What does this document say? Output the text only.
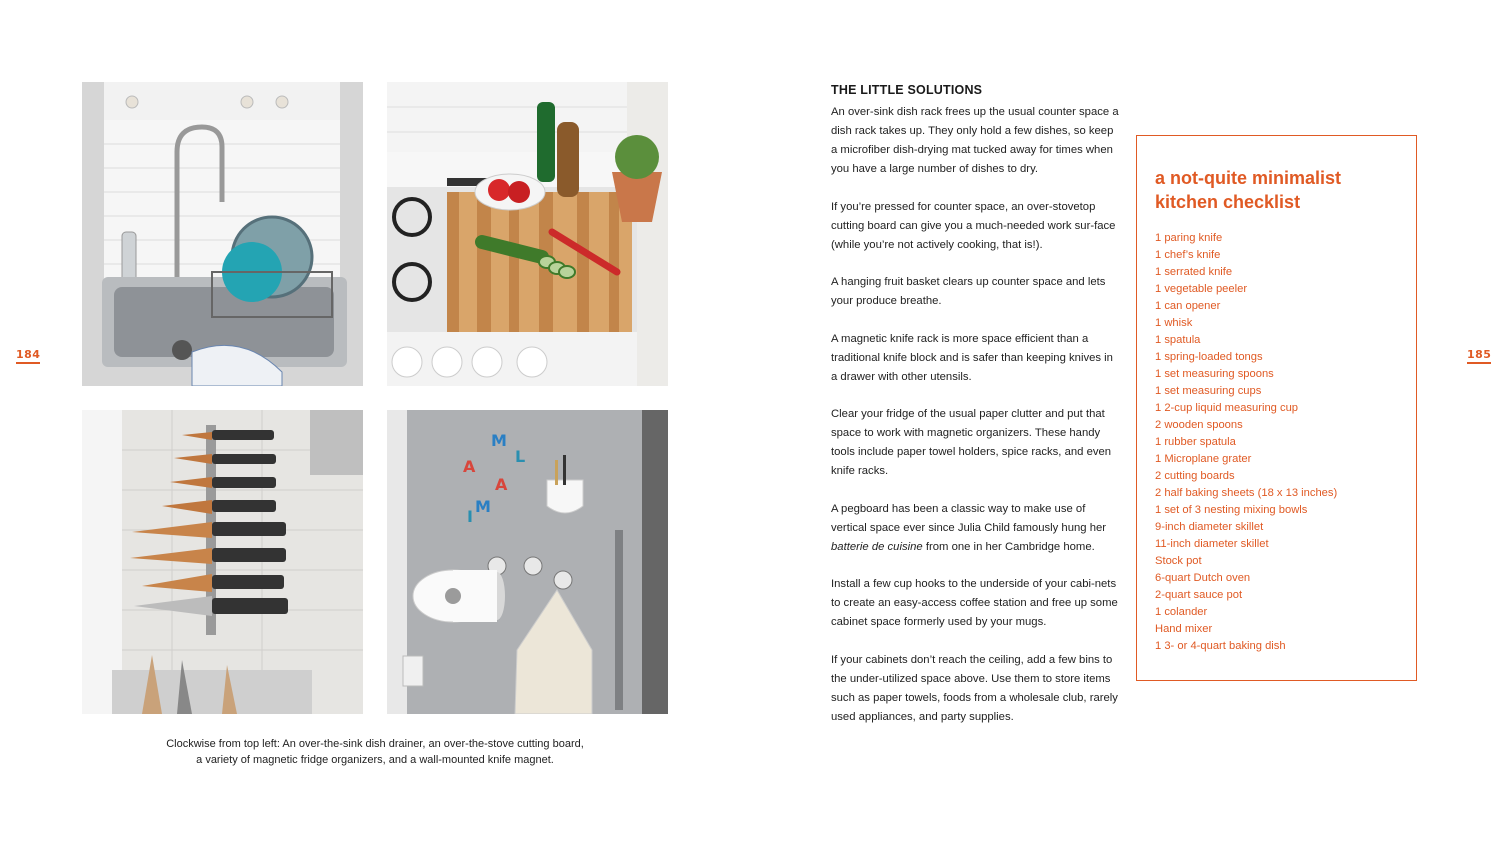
184	185
M
L
A
A
M
I
Clockwise from top left: An over-the-sink dish drainer, an over-the-stove cutting board,
a variety of magnetic fridge organizers, and a wall-mounted knife magnet.
THE LITTLE SOLUTIONS

An over-sink dish rack frees up the usual counter space a dish rack takes up. They only hold a few dishes, so keep a microfiber dish-drying mat tucked away for times when you have a large number of dishes to dry.

If you’re pressed for counter space, an over-stovetop cutting board can give you a much-needed work sur-face (while you’re not actively cooking, that is!).

A hanging fruit basket clears up counter space and lets your produce breathe.

A magnetic knife rack is more space efficient than a traditional knife block and is safer than keeping knives in a drawer with other utensils.

Clear your fridge of the usual paper clutter and put that space to work with magnetic organizers. These handy tools include paper towel holders, spice racks, and even knife racks.

A pegboard has been a classic way to make use of vertical space ever since Julia Child famously hung her batterie de cuisine from one in her Cambridge home.

Install a few cup hooks to the underside of your cabi-nets to create an easy-access coffee station and free up some cabinet space formerly used by your mugs.

If your cabinets don’t reach the ceiling, add a few bins to the under-utilized space above. Use them to store items such as paper towels, foods from a wholesale club, rarely used appliances, and party supplies.

a not-quite minimalist
kitchen checklist
1 paring knife
1 chef’s knife
1 serrated knife
1 vegetable peeler
1 can opener
1 whisk
1 spatula
1 spring-loaded tongs
1 set measuring spoons
1 set measuring cups
1 2-cup liquid measuring cup
2 wooden spoons
1 rubber spatula
1 Microplane grater
2 cutting boards
2 half baking sheets (18 x 13 inches)
1 set of 3 nesting mixing bowls
9-inch diameter skillet
11-inch diameter skillet
Stock pot
6-quart Dutch oven
2-quart sauce pot
1 colander
Hand mixer
1 3- or 4-quart baking dish
